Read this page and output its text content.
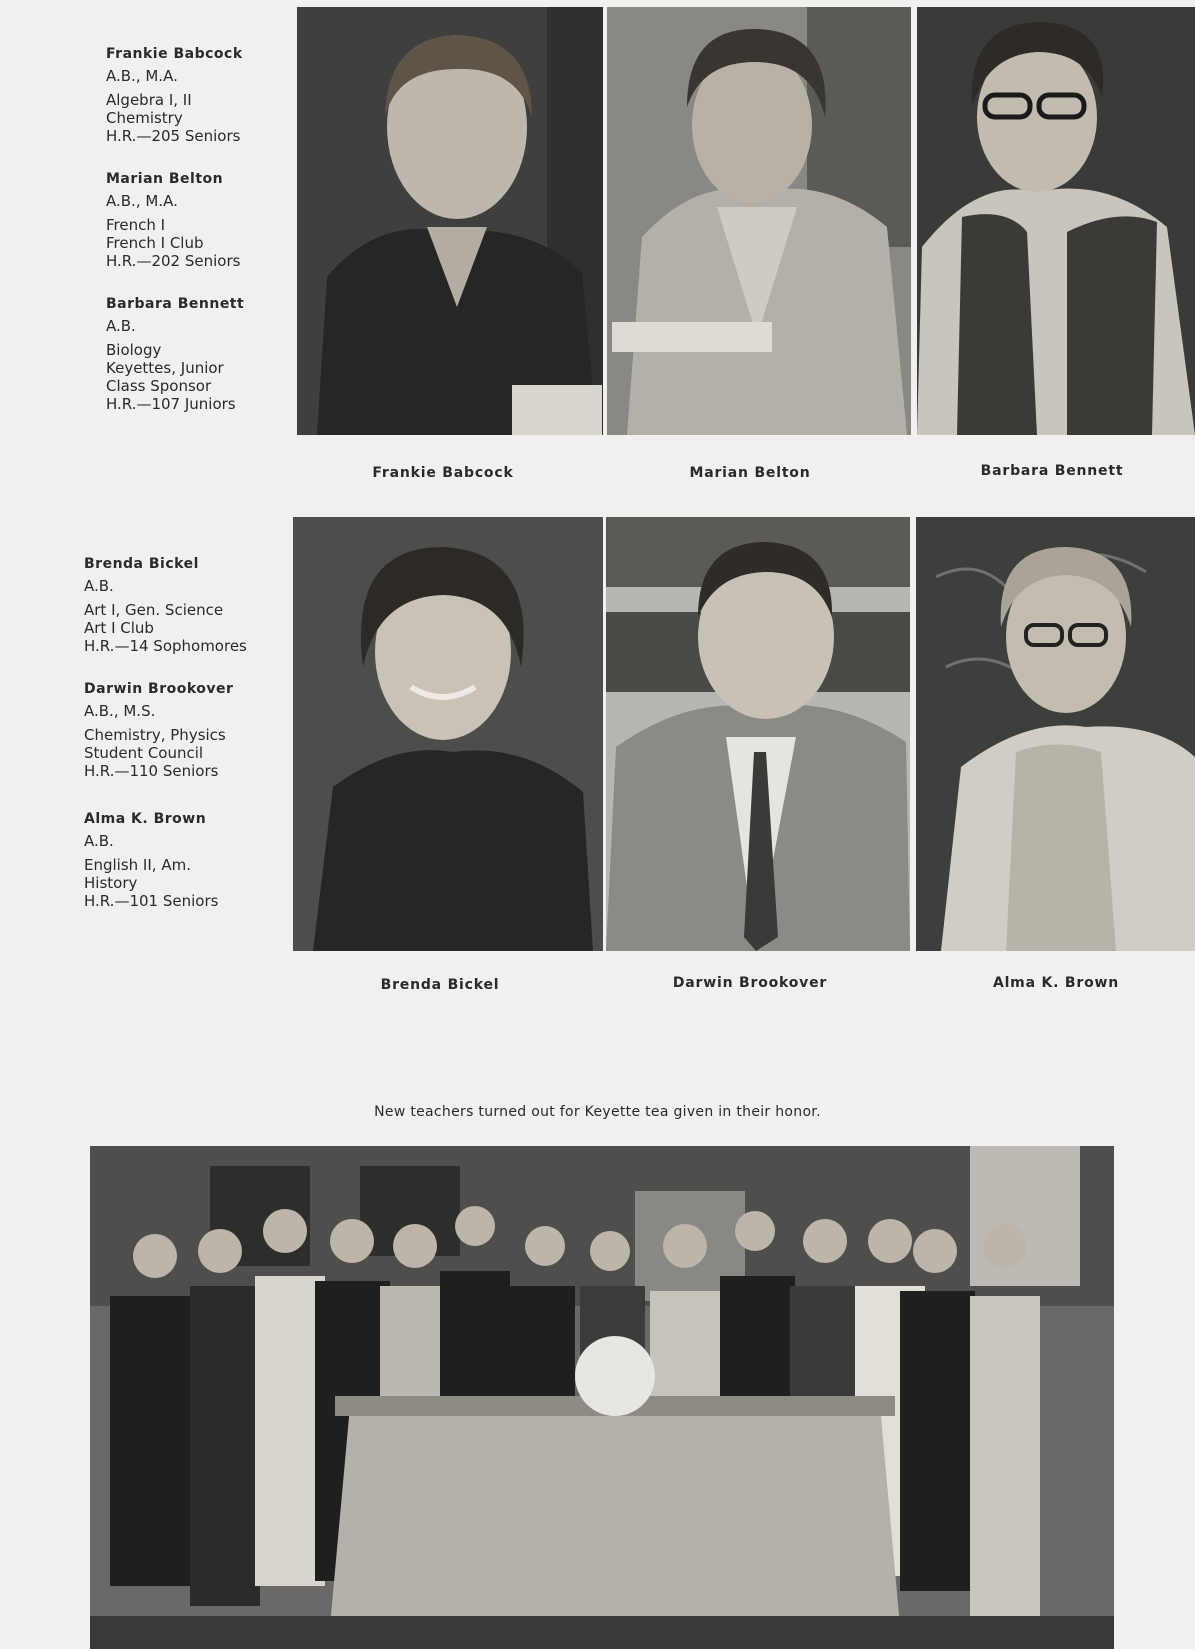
Frankie Babcock
A.B., M.A.
Algebra I, II
Chemistry
H.R.—205 Seniors
Marian Belton
A.B., M.A.
French I
French I Club
H.R.—202 Seniors
Barbara Bennett
A.B.
Biology
Keyettes, Junior
Class Sponsor
H.R.—107 Juniors
Frankie Babcock	Marian Belton	Barbara Bennett
Brenda Bickel
A.B.
Art I, Gen. Science
Art I Club
H.R.—14 Sophomores
Darwin Brookover
A.B., M.S.
Chemistry, Physics
Student Council
H.R.—110 Seniors
Alma K. Brown
A.B.
English II, Am.
History
H.R.—101 Seniors
Brenda Bickel	Darwin Brookover	Alma K. Brown
New teachers turned out for Keyette tea given in their honor.
